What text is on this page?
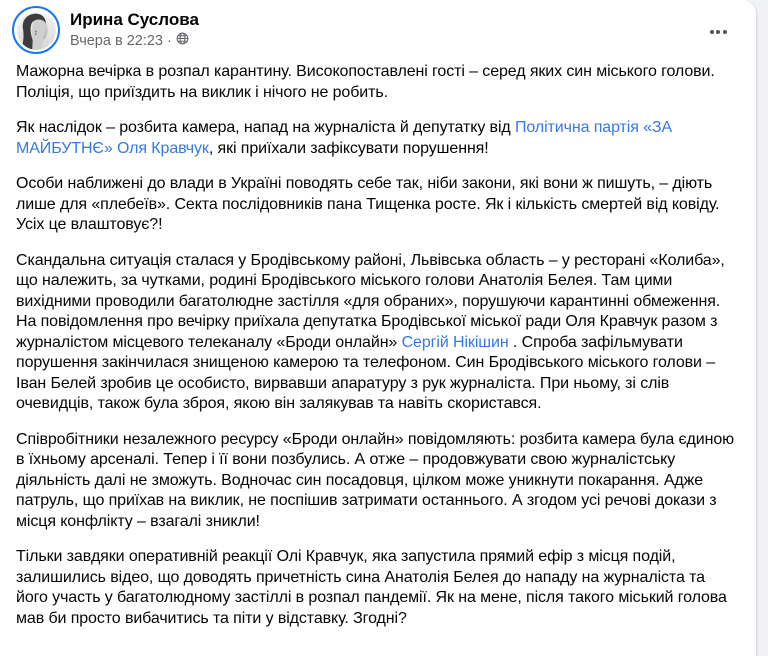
Ирина Суслова
Вчера в 22:23 ·

Мажорна вечірка в розпал карантину. Високопоставлені гості – серед яких син міського голови. Поліція, що приїздить на виклик і нічого не робить.

Як наслідок – розбита камера, напад на журналіста й депутатку від Політична партія «ЗА МАЙБУТНЄ» Оля Кравчук, які приїхали зафіксувати порушення!

Особи наближені до влади в Україні поводять себе так, ніби закони, які вони ж пишуть, – діють лише для «плебеїв». Секта послідовників пана Тищенка росте. Як і кількість смертей від ковіду. Усіх це влаштовує?!

Скандальна ситуація сталася у Бродівському районі, Львівська область – у ресторані «Колиба», що належить, за чутками, родині Бродівського міського голови Анатолія Белея. Там цими вихідними проводили багатолюдне застілля «для обраних», порушуючи карантинні обмеження. На повідомлення про вечірку приїхала депутатка Бродівської міської ради Оля Кравчук разом з журналістом місцевого телеканалу «Броди онлайн» Сергій Нікішин . Спроба зафільмувати порушення закінчилася знищеною камерою та телефоном. Син Бродівського міського голови – Іван Белей зробив це особисто, вирвавши апаратуру з рук журналіста. При ньому, зі слів очевидців, також була зброя, якою він залякував та навіть скористався.

Співробітники незалежного ресурсу «Броди онлайн» повідомляють: розбита камера була єдиною в їхньому арсеналі. Тепер і її вони позбулись. А отже – продовжувати свою журналістську діяльність далі не зможуть. Водночас син посадовця, цілком може уникнути покарання. Адже патруль, що приїхав на виклик, не поспішив затримати останнього. А згодом усі речові докази з місця конфлікту – взагалі зникли!

Тільки завдяки оперативній реакції Олі Кравчук, яка запустила прямий ефір з місця подій, залишились відео, що доводять причетність сина Анатолія Белея до нападу на журналіста та його участь у багатолюдному застіллі в розпал пандемії. Як на мене, після такого міський голова мав би просто вибачитись та піти у відставку. Згодні?
